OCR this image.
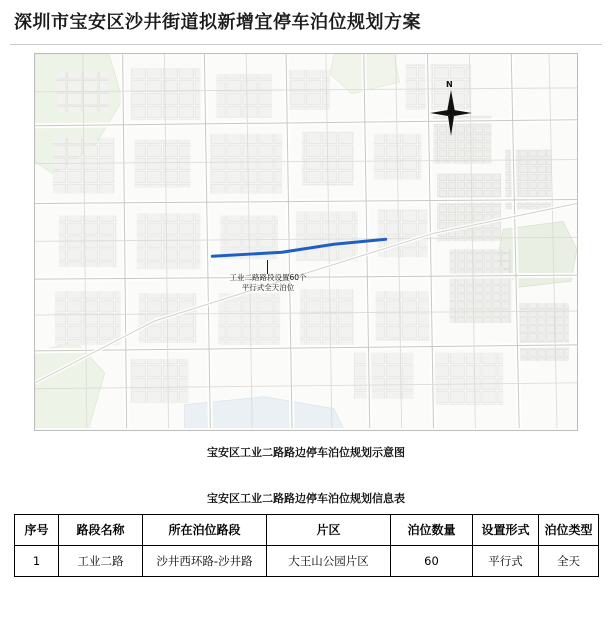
深圳市宝安区沙井街道拟新增宜停车泊位规划方案
N
工业二路路段设置60个
平行式全天泊位
宝安区工业二路路边停车泊位规划示意图
宝安区工业二路路边停车泊位规划信息表
序号	路段名称	所在泊位路段	片区	泊位数量	设置形式	泊位类型
1	工业二路	沙井西环路-沙井路	大王山公园片区	60	平行式	全天
